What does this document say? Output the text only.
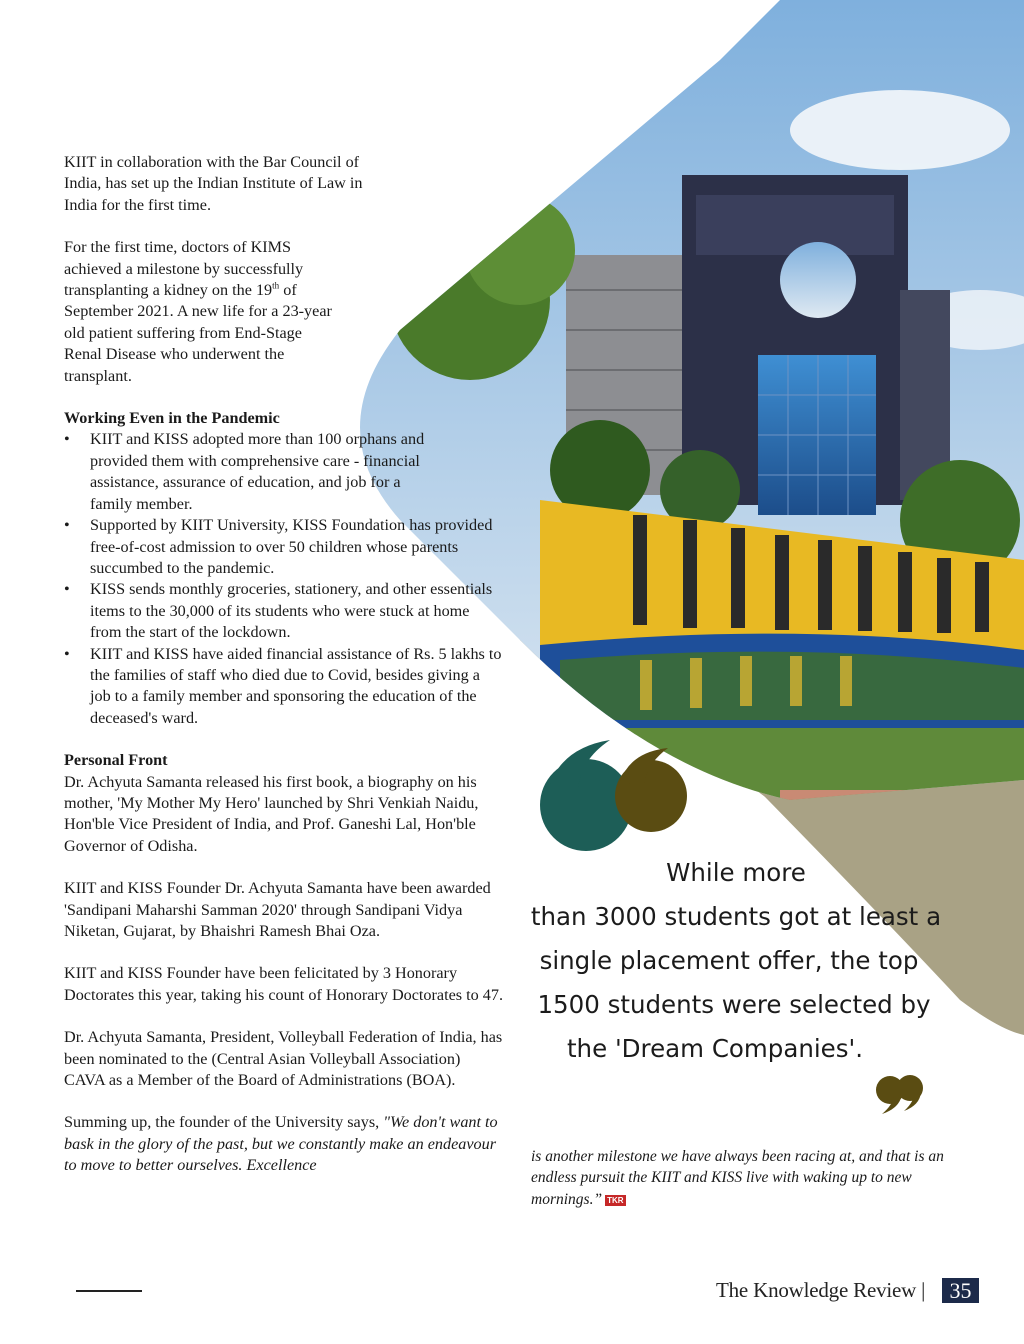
KIIT in collaboration with the Bar Council of India, has set up the Indian Institute of Law in India for the first time.

For the first time, doctors of KIMS achieved a milestone by successfully transplanting a kidney on the 19th of September 2021. A new life for a 23-year old patient suffering from End-Stage Renal Disease who underwent the transplant.

Working Even in the Pandemic
• KIIT and KISS adopted more than 100 orphans and provided them with comprehensive care - financial assistance, assurance of education, and job for a family member.
• Supported by KIIT University, KISS Foundation has provided free-of-cost admission to over 50 children whose parents succumbed to the pandemic.
• KISS sends monthly groceries, stationery, and other essentials items to the 30,000 of its students who were stuck at home from the start of the lockdown.
• KIIT and KISS have aided financial assistance of Rs. 5 lakhs to the families of staff who died due to Covid, besides giving a job to a family member and sponsoring the education of the deceased's ward.
Personal Front

Dr. Achyuta Samanta released his first book, a biography on his mother, 'My Mother My Hero' launched by Shri Venkiah Naidu, Hon'ble Vice President of India, and Prof. Ganeshi Lal, Hon'ble Governor of Odisha.

KIIT and KISS Founder Dr. Achyuta Samanta have been awarded 'Sandipani Maharshi Samman 2020' through Sandipani Vidya Niketan, Gujarat, by Bhaishri Ramesh Bhai Oza.

KIIT and KISS Founder have been felicitated by 3 Honorary Doctorates this year, taking his count of Honorary Doctorates to 47.

Dr. Achyuta Samanta, President, Volleyball Federation of India, has been nominated to the (Central Asian Volleyball Association) CAVA as a Member of the Board of Administrations (BOA).

Summing up, the founder of the University says, "We don't want to bask in the glory of the past, but we constantly make an endeavour to move to better ourselves. Excellence

While more
than 3000 students got at least a
single placement offer, the top
1500 students were selected by
the 'Dream Companies'.

is another milestone we have always been racing at, and that is an endless pursuit the KIIT and KISS live with waking up to new mornings.” TKR

The Knowledge Review |	35
